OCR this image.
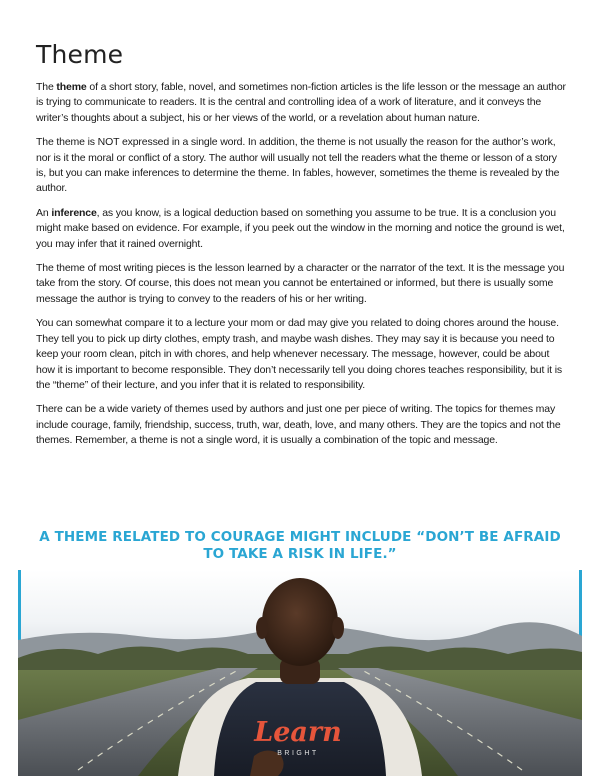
Theme

The theme of a short story, fable, novel, and sometimes non-fiction articles is the life lesson or the message an author is trying to communicate to readers. It is the central and controlling idea of a work of literature, and it conveys the writer’s thoughts about a subject, his or her views of the world, or a revelation about human nature.

The theme is NOT expressed in a single word. In addition, the theme is not usually the reason for the author’s work, nor is it the moral or conflict of a story. The author will usually not tell the readers what the theme or lesson of a story is, but you can make inferences to determine the theme. In fables, however, sometimes the theme is revealed by the author.

An inference, as you know, is a logical deduction based on something you assume to be true. It is a conclusion you might make based on evidence. For example, if you peek out the window in the morning and notice the ground is wet, you may infer that it rained overnight.

The theme of most writing pieces is the lesson learned by a character or the narrator of the text. It is the message you take from the story. Of course, this does not mean you cannot be entertained or informed, but there is usually some message the author is trying to convey to the readers of his or her writing.

You can somewhat compare it to a lecture your mom or dad may give you related to doing chores around the house. They tell you to pick up dirty clothes, empty trash, and maybe wash dishes. They may say it is because you need to keep your room clean, pitch in with chores, and help whenever necessary. The message, however, could be about how it is important to become responsible. They don’t necessarily tell you doing chores teaches responsibility, but it is the “theme” of their lecture, and you infer that it is related to responsibility.

There can be a wide variety of themes used by authors and just one per piece of writing. The topics for themes may include courage, family, friendship, success, truth, war, death, love, and many others. They are the topics and not the themes. Remember, a theme is not a single word, it is usually a combination of the topic and message.

A THEME RELATED TO COURAGE MIGHT INCLUDE “DON’T BE AFRAID TO TAKE A RISK IN LIFE.”
Learn
BRIGHT
